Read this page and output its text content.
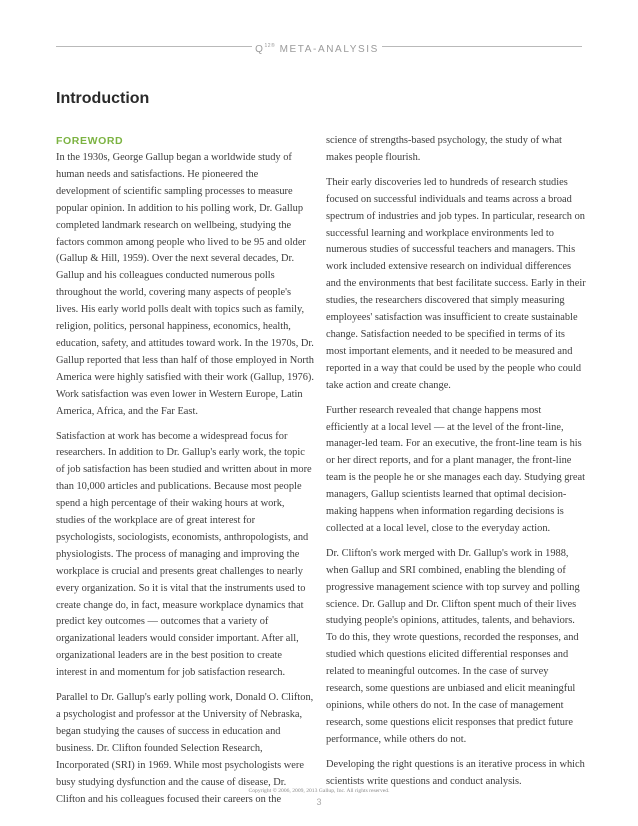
$Q^{12®}$ META-ANALYSIS
Introduction

FOREWORD

In the 1930s, George Gallup began a worldwide study of human needs and satisfactions. He pioneered the development of scientific sampling processes to measure popular opinion. In addition to his polling work, Dr. Gallup completed landmark research on wellbeing, studying the factors common among people who lived to be 95 and older (Gallup & Hill, 1959). Over the next several decades, Dr. Gallup and his colleagues conducted numerous polls throughout the world, covering many aspects of people's lives. His early world polls dealt with topics such as family, religion, politics, personal happiness, economics, health, education, safety, and attitudes toward work. In the 1970s, Dr. Gallup reported that less than half of those employed in North America were highly satisfied with their work (Gallup, 1976). Work satisfaction was even lower in Western Europe, Latin America, Africa, and the Far East.

Satisfaction at work has become a widespread focus for researchers. In addition to Dr. Gallup's early work, the topic of job satisfaction has been studied and written about in more than 10,000 articles and publications. Because most people spend a high percentage of their waking hours at work, studies of the workplace are of great interest for psychologists, sociologists, economists, anthropologists, and physiologists. The process of managing and improving the workplace is crucial and presents great challenges to nearly every organization. So it is vital that the instruments used to create change do, in fact, measure workplace dynamics that predict key outcomes — outcomes that a variety of organizational leaders would consider important. After all, organizational leaders are in the best position to create interest in and momentum for job satisfaction research.

Parallel to Dr. Gallup's early polling work, Donald O. Clifton, a psychologist and professor at the University of Nebraska, began studying the causes of success in education and business. Dr. Clifton founded Selection Research, Incorporated (SRI) in 1969. While most psychologists were busy studying dysfunction and the cause of disease, Dr. Clifton and his colleagues focused their careers on the

science of strengths-based psychology, the study of what makes people flourish.

Their early discoveries led to hundreds of research studies focused on successful individuals and teams across a broad spectrum of industries and job types. In particular, research on successful learning and workplace environments led to numerous studies of successful teachers and managers. This work included extensive research on individual differences and the environments that best facilitate success. Early in their studies, the researchers discovered that simply measuring employees' satisfaction was insufficient to create sustainable change. Satisfaction needed to be specified in terms of its most important elements, and it needed to be measured and reported in a way that could be used by the people who could take action and create change.

Further research revealed that change happens most efficiently at a local level — at the level of the front-line, manager-led team. For an executive, the front-line team is his or her direct reports, and for a plant manager, the front-line team is the people he or she manages each day. Studying great managers, Gallup scientists learned that optimal decision-making happens when information regarding decisions is collected at a local level, close to the everyday action.

Dr. Clifton's work merged with Dr. Gallup's work in 1988, when Gallup and SRI combined, enabling the blending of progressive management science with top survey and polling science. Dr. Gallup and Dr. Clifton spent much of their lives studying people's opinions, attitudes, talents, and behaviors. To do this, they wrote questions, recorded the responses, and studied which questions elicited differential responses and related to meaningful outcomes. In the case of survey research, some questions are unbiased and elicit meaningful opinions, while others do not. In the case of management research, some questions elicit responses that predict future performance, while others do not.

Developing the right questions is an iterative process in which scientists write questions and conduct analysis.

Copyright © 2006, 2009, 2013 Gallup, Inc. All rights reserved.
3
